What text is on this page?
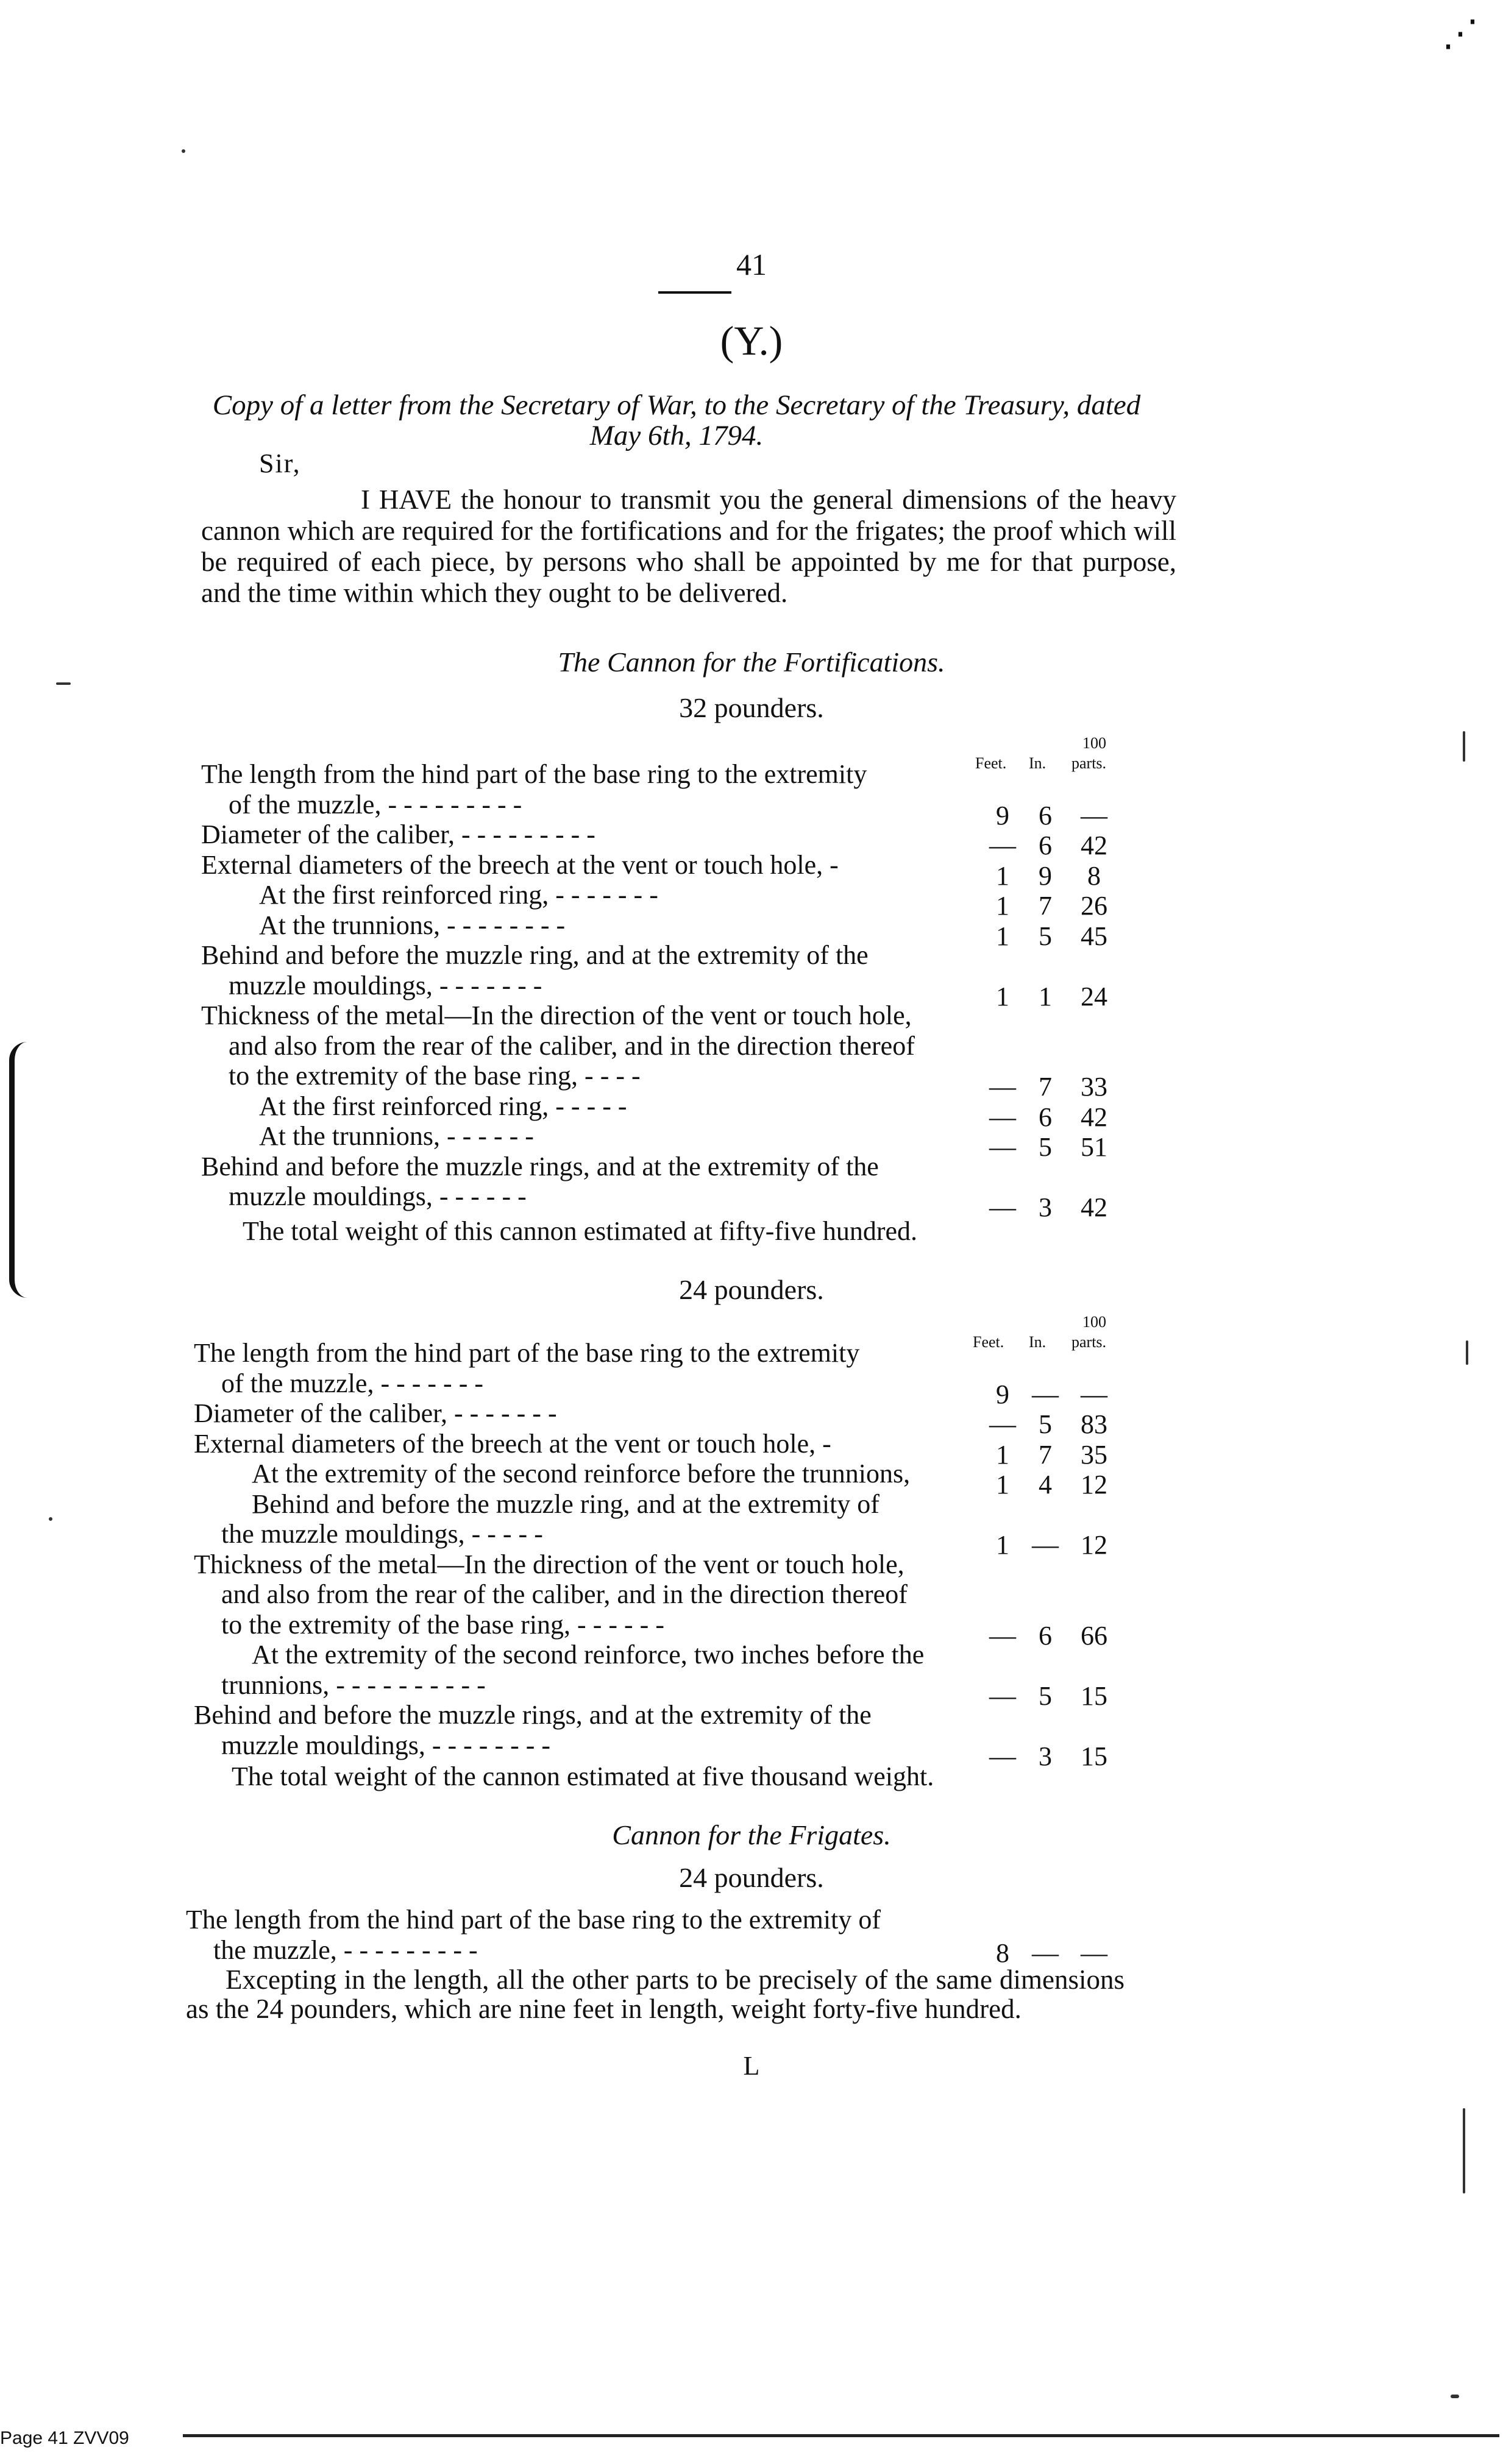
41
(Y.)
Copy of a letter from the Secretary of War, to the Secretary of the Treasury, dated
May 6th, 1794.
Sir,
I HAVE the honour to transmit you the general dimensions of the heavy cannon which are required for the fortifications and for the frigates; the proof which will be required of each piece, by persons who shall be appointed by me for that purpose, and the time within which they ought to be delivered.
The Cannon for the Fortifications.
32 pounders.
100
Feet. In. parts.
The length from the hind part of the base ring to the extremity
of the muzzle, - - - - - - - - -	9	6	—
Diameter of the caliber, - - - - - - - - -	— 6	42
External diameters of the breech at the vent or touch hole, -	1	9	8
At the first reinforced ring, - - - - - - -	1	7	26
At the trunnions, - - - - - - - -	1	5	45
Behind and before the muzzle ring, and at the extremity of the
muzzle mouldings, - - - - - - -	1	1	24
Thickness of the metal—In the direction of the vent or touch hole,
and also from the rear of the caliber, and in the direction thereof
to the extremity of the base ring, - - - -	— 7	33
At the first reinforced ring, - - - - -	— 6	42
At the trunnions, - - - - - -	— 5	51
Behind and before the muzzle rings, and at the extremity of the
muzzle mouldings, - - - - - -	— 3	42
The total weight of this cannon estimated at fifty-five hundred.
24 pounders.
100
Feet. In. parts.
The length from the hind part of the base ring to the extremity
of the muzzle, - - - - - - -	9 — —
Diameter of the caliber, - - - - - - -	— 5	83
External diameters of the breech at the vent or touch hole, -	1	7	35
At the extremity of the second reinforce before the trunnions,	1	4	12
Behind and before the muzzle ring, and at the extremity of
the muzzle mouldings, - - - - -	1 — 12
Thickness of the metal—In the direction of the vent or touch hole,
and also from the rear of the caliber, and in the direction thereof
to the extremity of the base ring, - - - - - -	— 6	66
At the extremity of the second reinforce, two inches before the
trunnions, - - - - - - - - - -	— 5	15
Behind and before the muzzle rings, and at the extremity of the
muzzle mouldings, - - - - - - - -	— 3	15
The total weight of the cannon estimated at five thousand weight.
Cannon for the Frigates.
24 pounders.
The length from the hind part of the base ring to the extremity of
the muzzle, - - - - - - - - -	8 — —
Excepting in the length, all the other parts to be precisely of the same dimensions as the 24 pounders, which are nine feet in length, weight forty-five hundred.
L
Page 41 ZVV09
⋰
